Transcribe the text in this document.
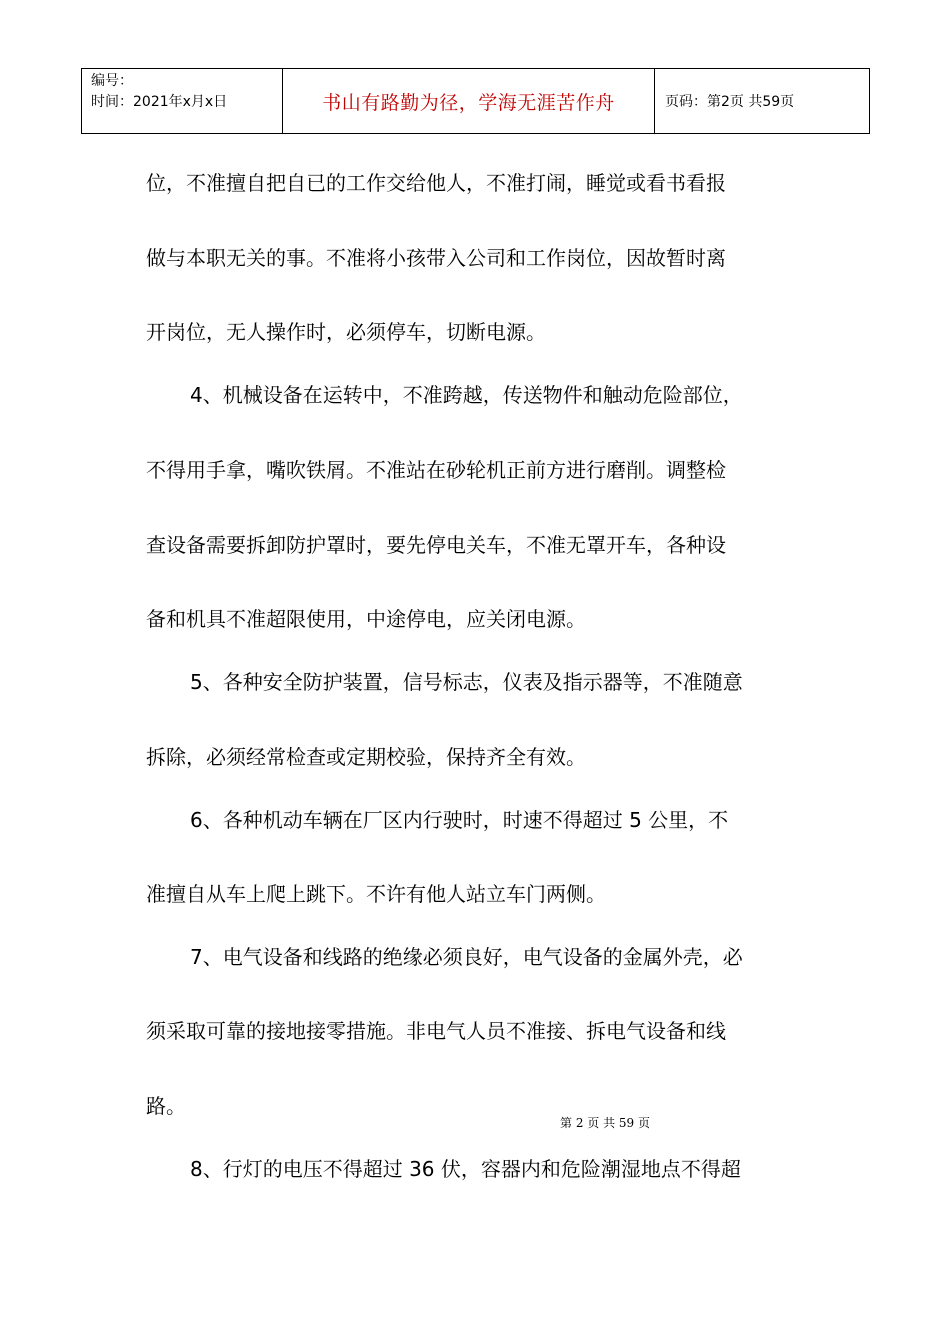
编号：
时间：2021年x月x日	书山有路勤为径，学海无涯苦作舟	页码：第2页 共59页
位，不准擅自把自已的工作交给他人，不准打闹，睡觉或看书看报
做与本职无关的事。不准将小孩带入公司和工作岗位，因故暂时离
开岗位，无人操作时，必须停车，切断电源。
4、机械设备在运转中，不准跨越，传送物件和触动危险部位，
不得用手拿，嘴吹铁屑。不准站在砂轮机正前方进行磨削。调整检
查设备需要拆卸防护罩时，要先停电关车，不准无罩开车，各种设
备和机具不准超限使用，中途停电，应关闭电源。
5、各种安全防护装置，信号标志，仪表及指示器等，不准随意
拆除，必须经常检查或定期校验，保持齐全有效。
6、各种机动车辆在厂区内行驶时，时速不得超过 5 公里，不
准擅自从车上爬上跳下。不许有他人站立车门两侧。
7、电气设备和线路的绝缘必须良好，电气设备的金属外壳，必
须采取可靠的接地接零措施。非电气人员不准接、拆电气设备和线
路。
8、行灯的电压不得超过 36 伏，容器内和危险潮湿地点不得超
第 2 页 共 59 页
